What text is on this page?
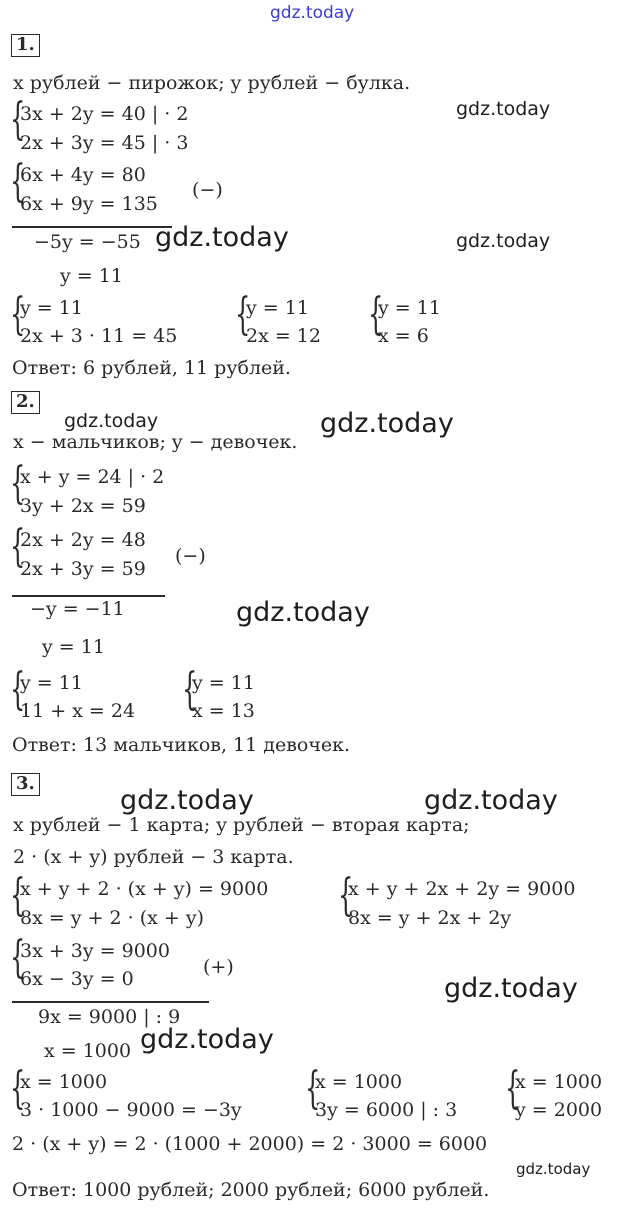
gdz.today
1.
x рублей − пирожок; y рублей − булка.
{
3x + 2y = 40 | · 2
2x + 3y = 45 | · 3
{
6x + 4y = 80
6x + 9y = 135
(−)
−5y = −55
y = 11
{
y = 11
2x + 3 · 11 = 45 {
y = 11
2x = 12 {
y = 11
x = 6
Ответ: 6 рублей, 11 рублей.
2.
x − мальчиков; y − девочек.
{
x + y = 24 | · 2
3y + 2x = 59
{
2x + 2y = 48
2x + 3y = 59
(−)
−y = −11
y = 11
{
y = 11
11 + x = 24 {
y = 11
x = 13
Ответ: 13 мальчиков, 11 девочек.
3.
x рублей − 1 карта; y рублей − вторая карта;
2 · (x + y) рублей − 3 карта.
{
x + y + 2 · (x + y) = 9000
8x = y + 2 · (x + y)	{
x + y + 2x + 2y = 9000
8x = y + 2x + 2y
{
3x + 3y = 9000
6x − 3y = 0
(+)
9x = 9000 | : 9
x = 1000
{
x = 1000
3 · 1000 − 9000 = −3y {
x = 1000
3y = 6000 | : 3 {
x = 1000
y = 2000
2 · (x + y) = 2 · (1000 + 2000) = 2 · 3000 = 6000
Ответ: 1000 рублей; 2000 рублей; 6000 рублей.
gdz.today
gdz.today	gdz.today
gdz.today	gdz.today
gdz.today
gdz.today	gdz.today
gdz.today
gdz.today
gdz.today
